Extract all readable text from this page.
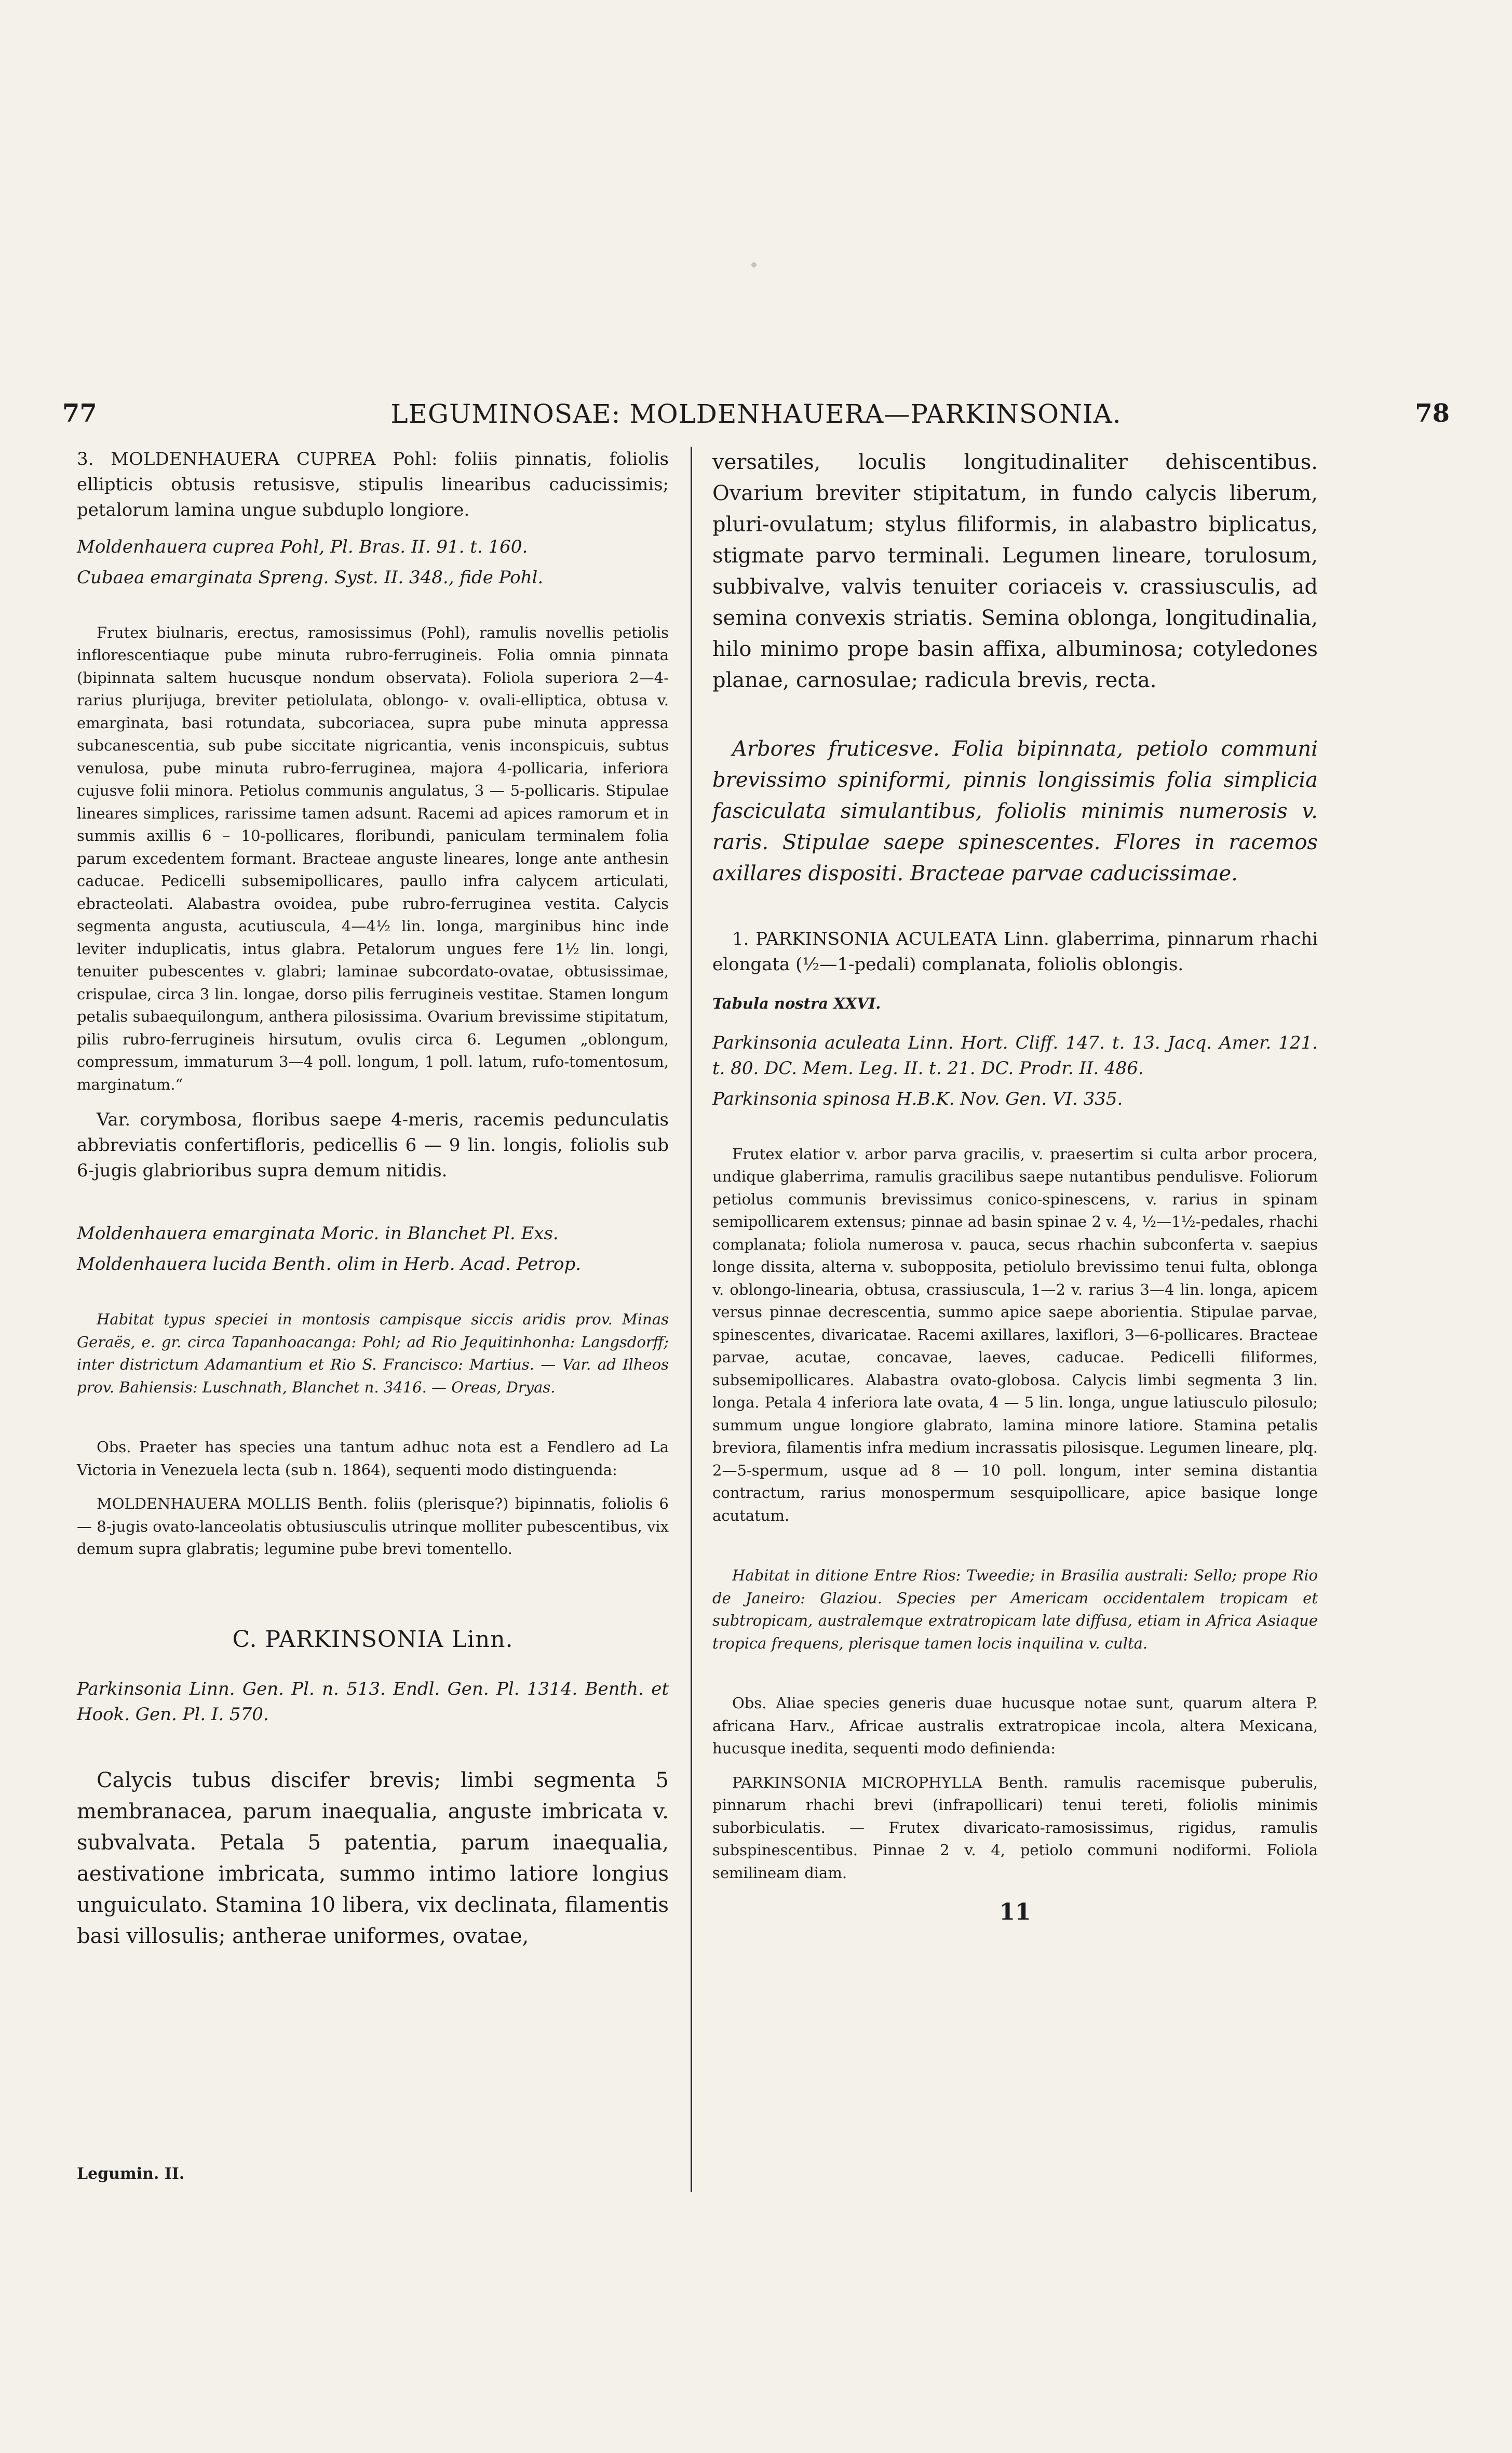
77	LEGUMINOSAE: MOLDENHAUERA—PARKINSONIA.	78

3. MOLDENHAUERA CUPREA Pohl: foliis pinnatis, foliolis ellipticis obtusis retusisve, stipulis linearibus caducissimis; petalorum lamina ungue subduplo longiore.

Moldenhauera cuprea Pohl, Pl. Bras. II. 91. t. 160.

Cubaea emarginata Spreng. Syst. II. 348., fide Pohl.

Frutex biulnaris, erectus, ramosissimus (Pohl), ramulis novellis petiolis inflorescentiaque pube minuta rubro-ferrugineis. Folia omnia pinnata (bipinnata saltem hucusque nondum observata). Foliola superiora 2—4- rarius plurijuga, breviter petiolulata, oblongo- v. ovali-elliptica, obtusa v. emarginata, basi rotundata, subcoriacea, supra pube minuta appressa subcanescentia, sub pube siccitate nigricantia, venis inconspicuis, subtus venulosa, pube minuta rubro-ferruginea, majora 4-pollicaria, inferiora cujusve folii minora. Petiolus communis angulatus, 3 — 5-pollicaris. Stipulae lineares simplices, rarissime tamen adsunt. Racemi ad apices ramorum et in summis axillis 6 – 10-pollicares, floribundi, paniculam terminalem folia parum excedentem formant. Bracteae anguste lineares, longe ante anthesin caducae. Pedicelli subsemipollicares, paullo infra calycem articulati, ebracteolati. Alabastra ovoidea, pube rubro-ferruginea vestita. Calycis segmenta angusta, acutiuscula, 4—4½ lin. longa, marginibus hinc inde leviter induplicatis, intus glabra. Petalorum ungues fere 1½ lin. longi, tenuiter pubescentes v. glabri; laminae subcordato-ovatae, obtusissimae, crispulae, circa 3 lin. longae, dorso pilis ferrugineis vestitae. Stamen longum petalis subaequilongum, anthera pilosissima. Ovarium brevissime stipitatum, pilis rubro-ferrugineis hirsutum, ovulis circa 6. Legumen „oblongum, compressum, immaturum 3—4 poll. longum, 1 poll. latum, rufo-tomentosum, marginatum.“

Var. corymbosa, floribus saepe 4-meris, racemis pedunculatis abbreviatis confertifloris, pedicellis 6 — 9 lin. longis, foliolis sub 6-jugis glabrioribus supra demum nitidis.

Moldenhauera emarginata Moric. in Blanchet Pl. Exs.

Moldenhauera lucida Benth. olim in Herb. Acad. Petrop.

Habitat typus speciei in montosis campisque siccis aridis prov. Minas Geraës, e. gr. circa Tapanhoacanga: Pohl; ad Rio Jequitinhonha: Langsdorff; inter districtum Adamantium et Rio S. Francisco: Martius. — Var. ad Ilheos prov. Bahiensis: Luschnath, Blanchet n. 3416. — Oreas, Dryas.

Obs. Praeter has species una tantum adhuc nota est a Fendlero ad La Victoria in Venezuela lecta (sub n. 1864), sequenti modo distinguenda:

MOLDENHAUERA MOLLIS Benth. foliis (plerisque?) bipinnatis, foliolis 6 — 8-jugis ovato-lanceolatis obtusiusculis utrinque molliter pubescentibus, vix demum supra glabratis; legumine pube brevi tomentello.

C. PARKINSONIA Linn.

Parkinsonia Linn. Gen. Pl. n. 513. Endl. Gen. Pl. 1314. Benth. et Hook. Gen. Pl. I. 570.

Calycis tubus discifer brevis; limbi segmenta 5 membranacea, parum inaequalia, anguste imbricata v. subvalvata. Petala 5 patentia, parum inaequalia, aestivatione imbricata, summo intimo latiore longius unguiculato. Stamina 10 libera, vix declinata, filamentis basi villosulis; antherae uniformes, ovatae,

Legumin. II.

versatiles, loculis longitudinaliter dehiscentibus. Ovarium breviter stipitatum, in fundo calycis liberum, pluri-ovulatum; stylus filiformis, in alabastro biplicatus, stigmate parvo terminali. Legumen lineare, torulosum, subbivalve, valvis tenuiter coriaceis v. crassiusculis, ad semina convexis striatis. Semina oblonga, longitudinalia, hilo minimo prope basin affixa, albuminosa; cotyledones planae, carnosulae; radicula brevis, recta.

Arbores fruticesve. Folia bipinnata, petiolo communi brevissimo spiniformi, pinnis longissimis folia simplicia fasciculata simulantibus, foliolis minimis numerosis v. raris. Stipulae saepe spinescentes. Flores in racemos axillares dispositi. Bracteae parvae caducissimae.

1. PARKINSONIA ACULEATA Linn. glaberrima, pinnarum rhachi elongata (½—1-pedali) complanata, foliolis oblongis.

Tabula nostra XXVI.

Parkinsonia aculeata Linn. Hort. Cliff. 147. t. 13. Jacq. Amer. 121. t. 80. DC. Mem. Leg. II. t. 21. DC. Prodr. II. 486.

Parkinsonia spinosa H.B.K. Nov. Gen. VI. 335.

Frutex elatior v. arbor parva gracilis, v. praesertim si culta arbor procera, undique glaberrima, ramulis gracilibus saepe nutantibus pendulisve. Foliorum petiolus communis brevissimus conico-spinescens, v. rarius in spinam semipollicarem extensus; pinnae ad basin spinae 2 v. 4, ½—1½-pedales, rhachi complanata; foliola numerosa v. pauca, secus rhachin subconferta v. saepius longe dissita, alterna v. subopposita, petiolulo brevissimo tenui fulta, oblonga v. oblongo-linearia, obtusa, crassiuscula, 1—2 v. rarius 3—4 lin. longa, apicem versus pinnae decrescentia, summo apice saepe aborientia. Stipulae parvae, spinescentes, divaricatae. Racemi axillares, laxiflori, 3—6-pollicares. Bracteae parvae, acutae, concavae, laeves, caducae. Pedicelli filiformes, subsemipollicares. Alabastra ovato-globosa. Calycis limbi segmenta 3 lin. longa. Petala 4 inferiora late ovata, 4 — 5 lin. longa, ungue latiusculo pilosulo; summum ungue longiore glabrato, lamina minore latiore. Stamina petalis breviora, filamentis infra medium incrassatis pilosisque. Legumen lineare, plq. 2—5-spermum, usque ad 8 — 10 poll. longum, inter semina distantia contractum, rarius monospermum sesquipollicare, apice basique longe acutatum.

Habitat in ditione Entre Rios: Tweedie; in Brasilia australi: Sello; prope Rio de Janeiro: Glaziou. Species per Americam occidentalem tropicam et subtropicam, australemque extratropicam late diffusa, etiam in Africa Asiaque tropica frequens, plerisque tamen locis inquilina v. culta.

Obs. Aliae species generis duae hucusque notae sunt, quarum altera P. africana Harv., Africae australis extratropicae incola, altera Mexicana, hucusque inedita, sequenti modo definienda:

PARKINSONIA MICROPHYLLA Benth. ramulis racemisque puberulis, pinnarum rhachi brevi (infrapollicari) tenui tereti, foliolis minimis suborbiculatis. — Frutex divaricato-ramosissimus, rigidus, ramulis subspinescentibus. Pinnae 2 v. 4, petiolo communi nodiformi. Foliola semilineam diam.

11
